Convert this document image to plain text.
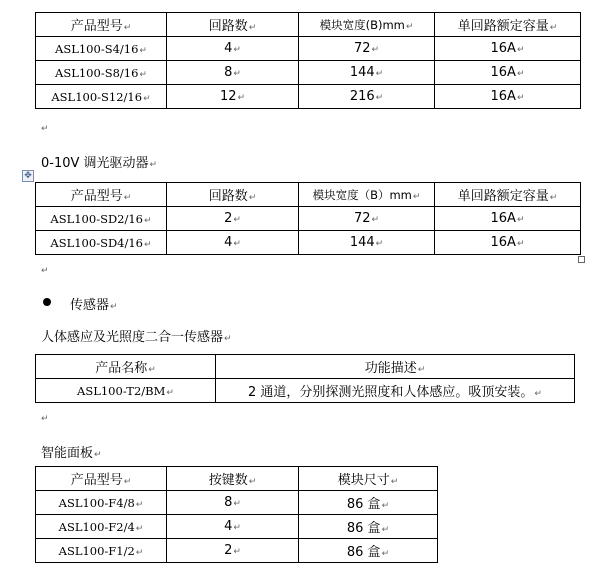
产品型号↵	回路数↵	模块宽度(B)mm↵	单回路额定容量↵
ASL100-S4/16↵	4↵	72↵	16A↵
ASL100-S8/16↵	8↵	144↵	16A↵
ASL100-S12/16↵	12↵	216↵	16A↵
↵
0-10V 调光驱动器↵
✥
产品型号↵	回路数↵	模块宽度（B）mm↵	单回路额定容量↵
ASL100-SD2/16↵	2↵	72↵	16A↵
ASL100-SD4/16↵	4↵	144↵	16A↵
↵
传感器↵
人体感应及光照度二合一传感器↵
产品名称↵	功能描述↵
ASL100-T2/BM↵	2 通道，分别探测光照度和人体感应。吸顶安装。↵
↵
智能面板↵
产品型号↵	按键数↵	模块尺寸↵
ASL100-F4/8↵	8↵	86 盒↵
ASL100-F2/4↵	4↵	86 盒↵
ASL100-F1/2↵	2↵	86 盒↵
